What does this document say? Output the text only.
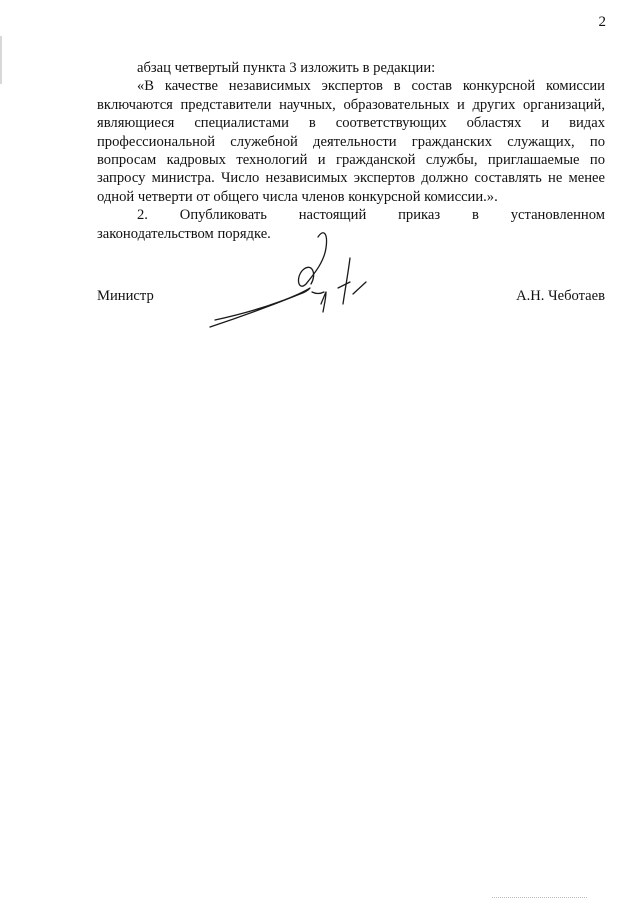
2

абзац четвертый пункта 3 изложить в редакции:

«В качестве независимых экспертов в состав конкурсной комиссии

включаются представители научных, образовательных и других организаций,

являющиеся специалистами в соответствующих областях и видах

профессиональной служебной деятельности гражданских служащих, по

вопросам кадровых технологий и гражданской службы, приглашаемые по

запросу министра. Число независимых экспертов должно составлять не менее

одной четверти от общего числа членов конкурсной комиссии.».

2. Опубликовать настоящий приказ в установленном

законодательством порядке.

Министр	А.Н. Чеботаев
